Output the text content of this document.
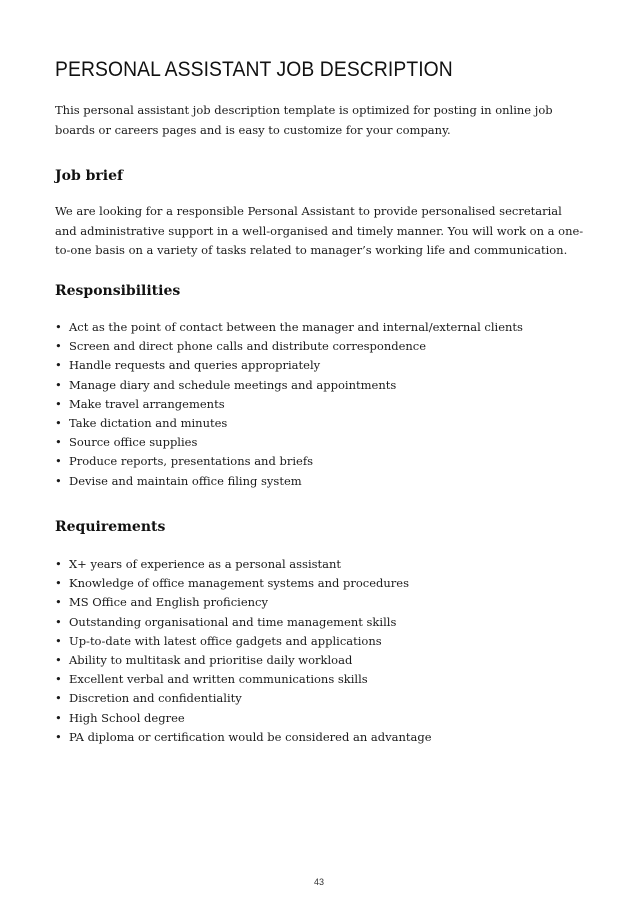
PERSONAL ASSISTANT JOB DESCRIPTION

This personal assistant job description template is optimized for posting in online job boards or careers pages and is easy to customize for your company.

Job brief

We are looking for a responsible Personal Assistant to provide personalised secretarial and administrative support in a well-organised and timely manner. You will work on a one-to-one basis on a variety of tasks related to manager’s working life and communication.

Responsibilities
• Act as the point of contact between the manager and internal/external clients
• Screen and direct phone calls and distribute correspondence
• Handle requests and queries appropriately
• Manage diary and schedule meetings and appointments
• Make travel arrangements
• Take dictation and minutes
• Source office supplies
• Produce reports, presentations and briefs
• Devise and maintain office filing system
Requirements
• X+ years of experience as a personal assistant
• Knowledge of office management systems and procedures
• MS Office and English proficiency
• Outstanding organisational and time management skills
• Up-to-date with latest office gadgets and applications
• Ability to multitask and prioritise daily workload
• Excellent verbal and written communications skills
• Discretion and confidentiality
• High School degree
• PA diploma or certification would be considered an advantage
43
